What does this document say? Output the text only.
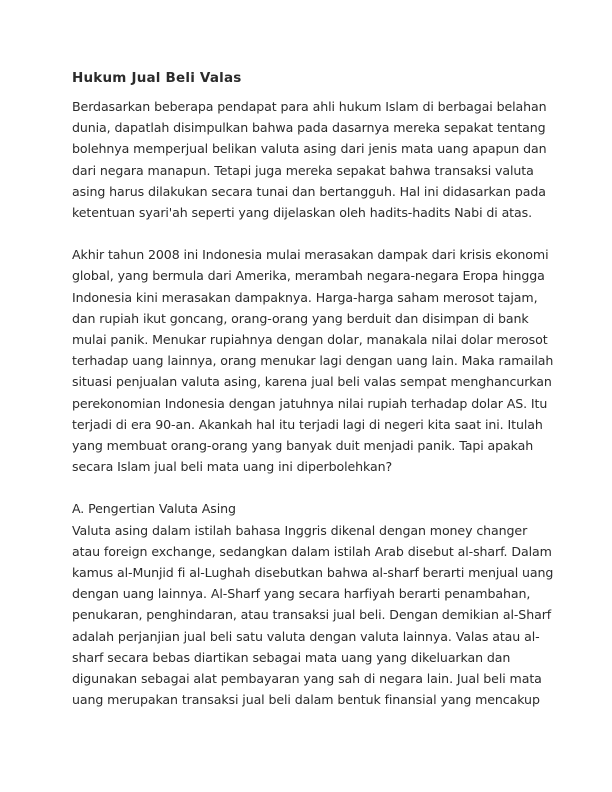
Hukum Jual Beli Valas
Berdasarkan beberapa pendapat para ahli hukum Islam di berbagai belahan
dunia, dapatlah disimpulkan bahwa pada dasarnya mereka sepakat tentang
bolehnya memperjual belikan valuta asing dari jenis mata uang apapun dan
dari negara manapun. Tetapi juga mereka sepakat bahwa transaksi valuta
asing harus dilakukan secara tunai dan bertangguh. Hal ini didasarkan pada
ketentuan syari'ah seperti yang dijelaskan oleh hadits-hadits Nabi di atas.
Akhir tahun 2008 ini Indonesia mulai merasakan dampak dari krisis ekonomi
global, yang bermula dari Amerika, merambah negara-negara Eropa hingga
Indonesia kini merasakan dampaknya. Harga-harga saham merosot tajam,
dan rupiah ikut goncang, orang-orang yang berduit dan disimpan di bank
mulai panik. Menukar rupiahnya dengan dolar, manakala nilai dolar merosot
terhadap uang lainnya, orang menukar lagi dengan uang lain. Maka ramailah
situasi penjualan valuta asing, karena jual beli valas sempat menghancurkan
perekonomian Indonesia dengan jatuhnya nilai rupiah terhadap dolar AS. Itu
terjadi di era 90-an. Akankah hal itu terjadi lagi di negeri kita saat ini. Itulah
yang membuat orang-orang yang banyak duit menjadi panik. Tapi apakah
secara Islam jual beli mata uang ini diperbolehkan?
A. Pengertian Valuta Asing
Valuta asing dalam istilah bahasa Inggris dikenal dengan money changer
atau foreign exchange, sedangkan dalam istilah Arab disebut al-sharf. Dalam
kamus al-Munjid fi al-Lughah disebutkan bahwa al-sharf berarti menjual uang
dengan uang lainnya. Al-Sharf yang secara harfiyah berarti penambahan,
penukaran, penghindaran, atau transaksi jual beli. Dengan demikian al-Sharf
adalah perjanjian jual beli satu valuta dengan valuta lainnya. Valas atau al-
sharf secara bebas diartikan sebagai mata uang yang dikeluarkan dan
digunakan sebagai alat pembayaran yang sah di negara lain. Jual beli mata
uang merupakan transaksi jual beli dalam bentuk finansial yang mencakup
